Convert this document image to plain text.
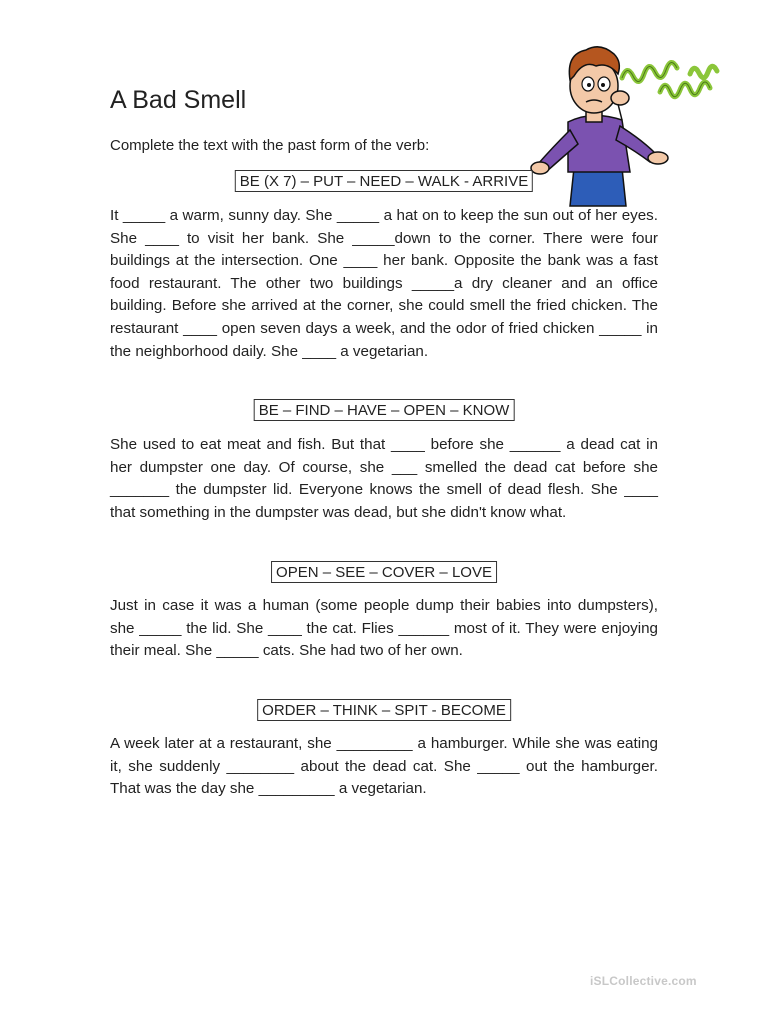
A Bad Smell
Complete the text with the past form of the verb:
BE (X 7) – PUT – NEED – WALK - ARRIVE

It _____ a warm, sunny day. She _____ a hat on to keep the sun out of her eyes. She ____ to visit her bank. She _____down to the corner. There were four buildings at the intersection. One ____ her bank. Opposite the bank was a fast food restaurant. The other two buildings _____a dry cleaner and an office building. Before she arrived at the corner, she could smell the fried chicken. The restaurant ____ open seven days a week, and the odor of fried chicken _____ in the neighborhood daily. She ____ a vegetarian.

BE – FIND – HAVE – OPEN – KNOW

She used to eat meat and fish. But that ____ before she ______ a dead cat in her dumpster one day. Of course, she ___ smelled the dead cat before she _______ the dumpster lid. Everyone knows the smell of dead flesh. She ____ that something in the dumpster was dead, but she didn't know what.

OPEN – SEE – COVER – LOVE

Just in case it was a human (some people dump their babies into dumpsters), she _____ the lid. She ____ the cat. Flies ______ most of it. They were enjoying their meal. She _____ cats. She had two of her own.

ORDER – THINK – SPIT - BECOME

A week later at a restaurant, she _________ a hamburger. While she was eating it, she suddenly ________ about the dead cat. She _____ out the hamburger. That was the day she _________ a vegetarian.

iSLCollective.com
